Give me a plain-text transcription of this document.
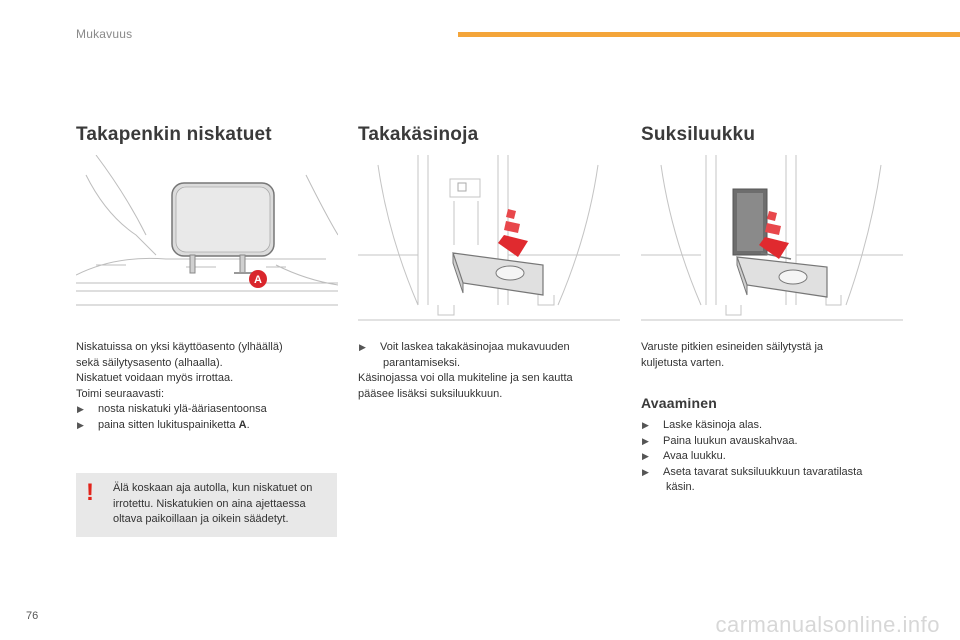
Mukavuus
Takapenkin niskatuet
A

Niskatuissa on yksi käyttöasento (ylhäällä)

sekä säilytysasento (alhaalla).

Niskatuet voidaan myös irrottaa.

Toimi seuraavasti:

▶ nosta niskatuki ylä-ääriasentoonsa

▶ paina sitten lukituspainiketta A.

! Älä koskaan aja autolla, kun niskatuet on

irrotettu. Niskatukien on aina ajettaessa

oltava paikoillaan ja oikein säädetyt.

Takakäsinoja

▶ Voit laskea takakäsinojaa mukavuuden

parantamiseksi.

Käsinojassa voi olla mukiteline ja sen kautta

pääsee lisäksi suksiluukkuun.

Suksiluukku

Varuste pitkien esineiden säilytystä ja

kuljetusta varten.

Avaaminen

▶ Laske käsinoja alas.

▶ Paina luukun avauskahvaa.

▶ Avaa luukku.

▶ Aseta tavarat suksiluukkuun tavaratilasta

käsin.

76	carmanualsonline.info
